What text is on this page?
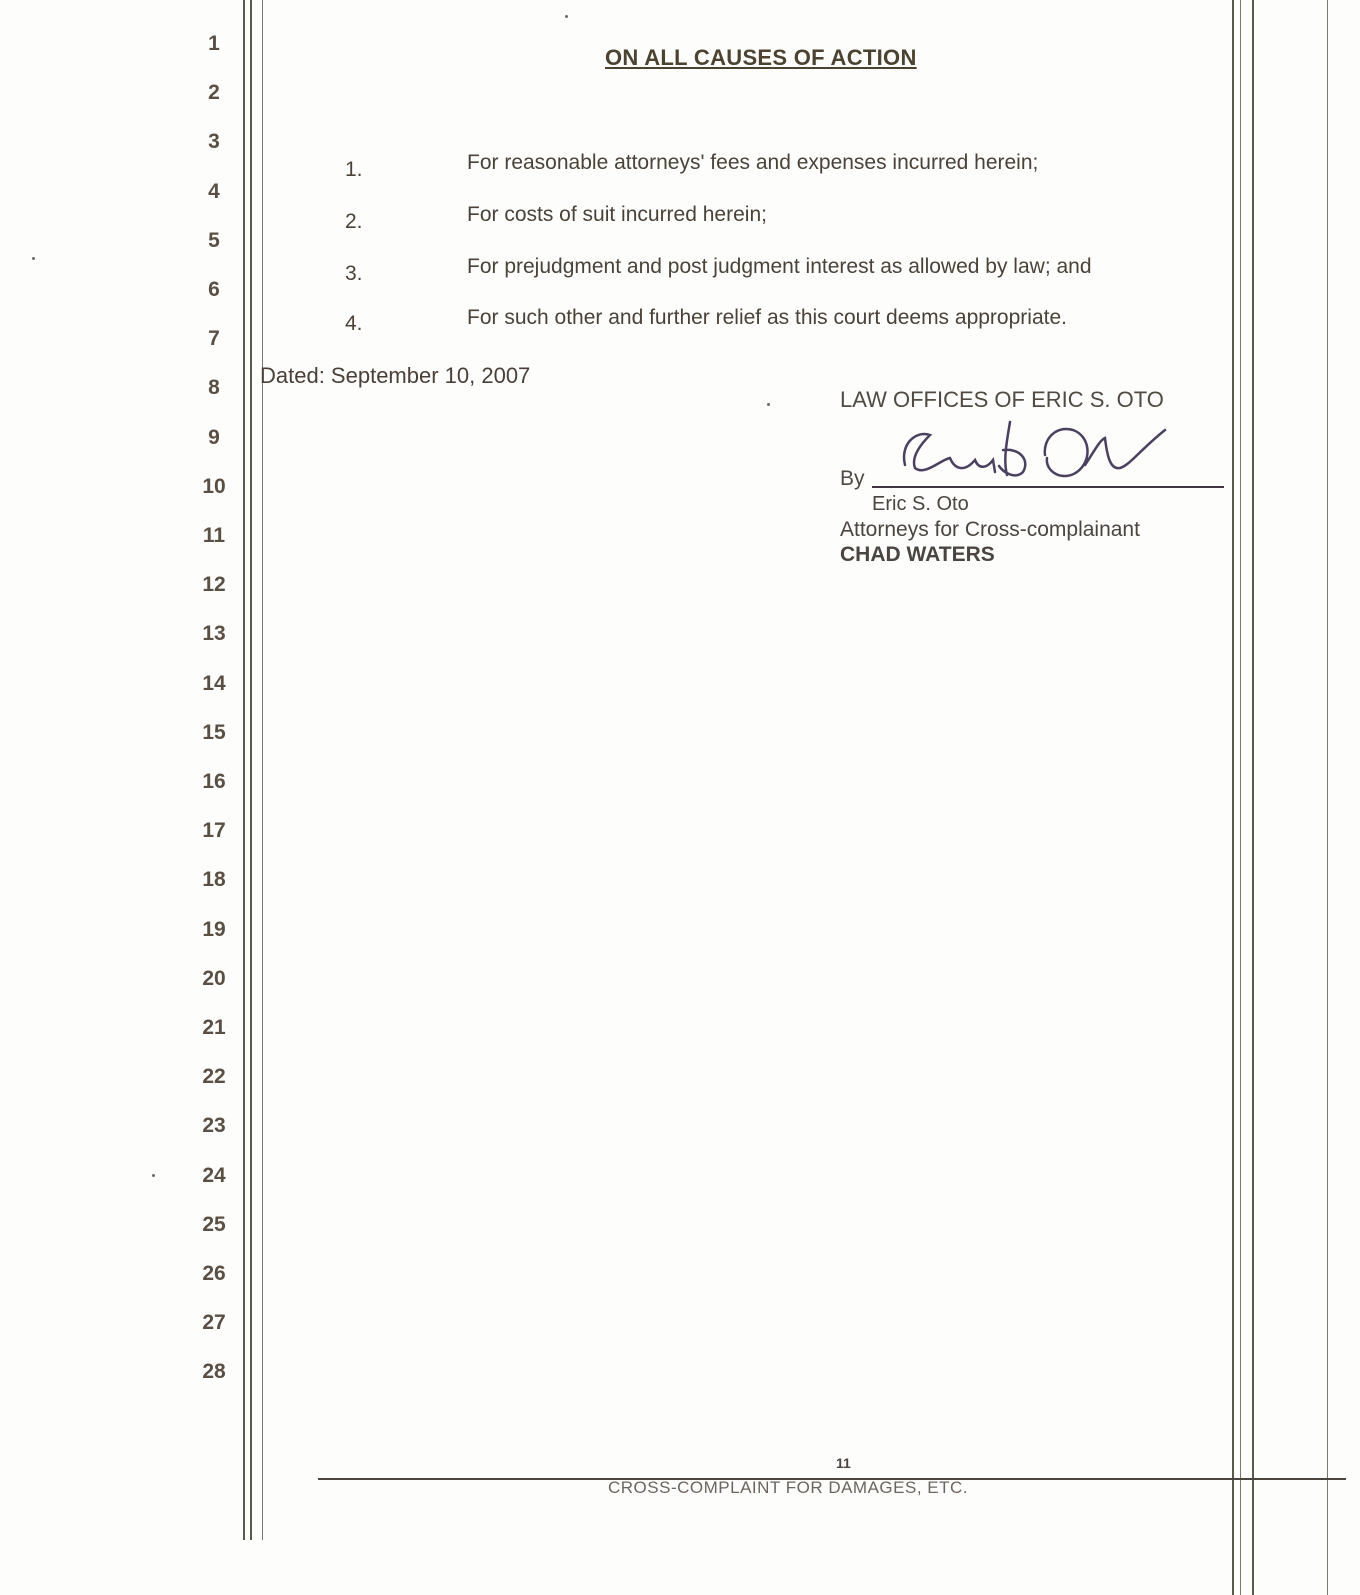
1
2
3
4
5
6
7
8
9
10
11
12
13
14
15
16
17
18
19
20
21
22
23
24
25
26
27
28
ON ALL CAUSES OF ACTION
1.	For reasonable attorneys' fees and expenses incurred herein;
2.	For costs of suit incurred herein;
3.	For prejudgment and post judgment interest as allowed by law; and
4.	For such other and further relief as this court deems appropriate.
Dated: September 10, 2007
LAW OFFICES OF ERIC S. OTO
By
Eric S. Oto
Attorneys for Cross-complainant
CHAD WATERS
11
CROSS-COMPLAINT FOR DAMAGES, ETC.
